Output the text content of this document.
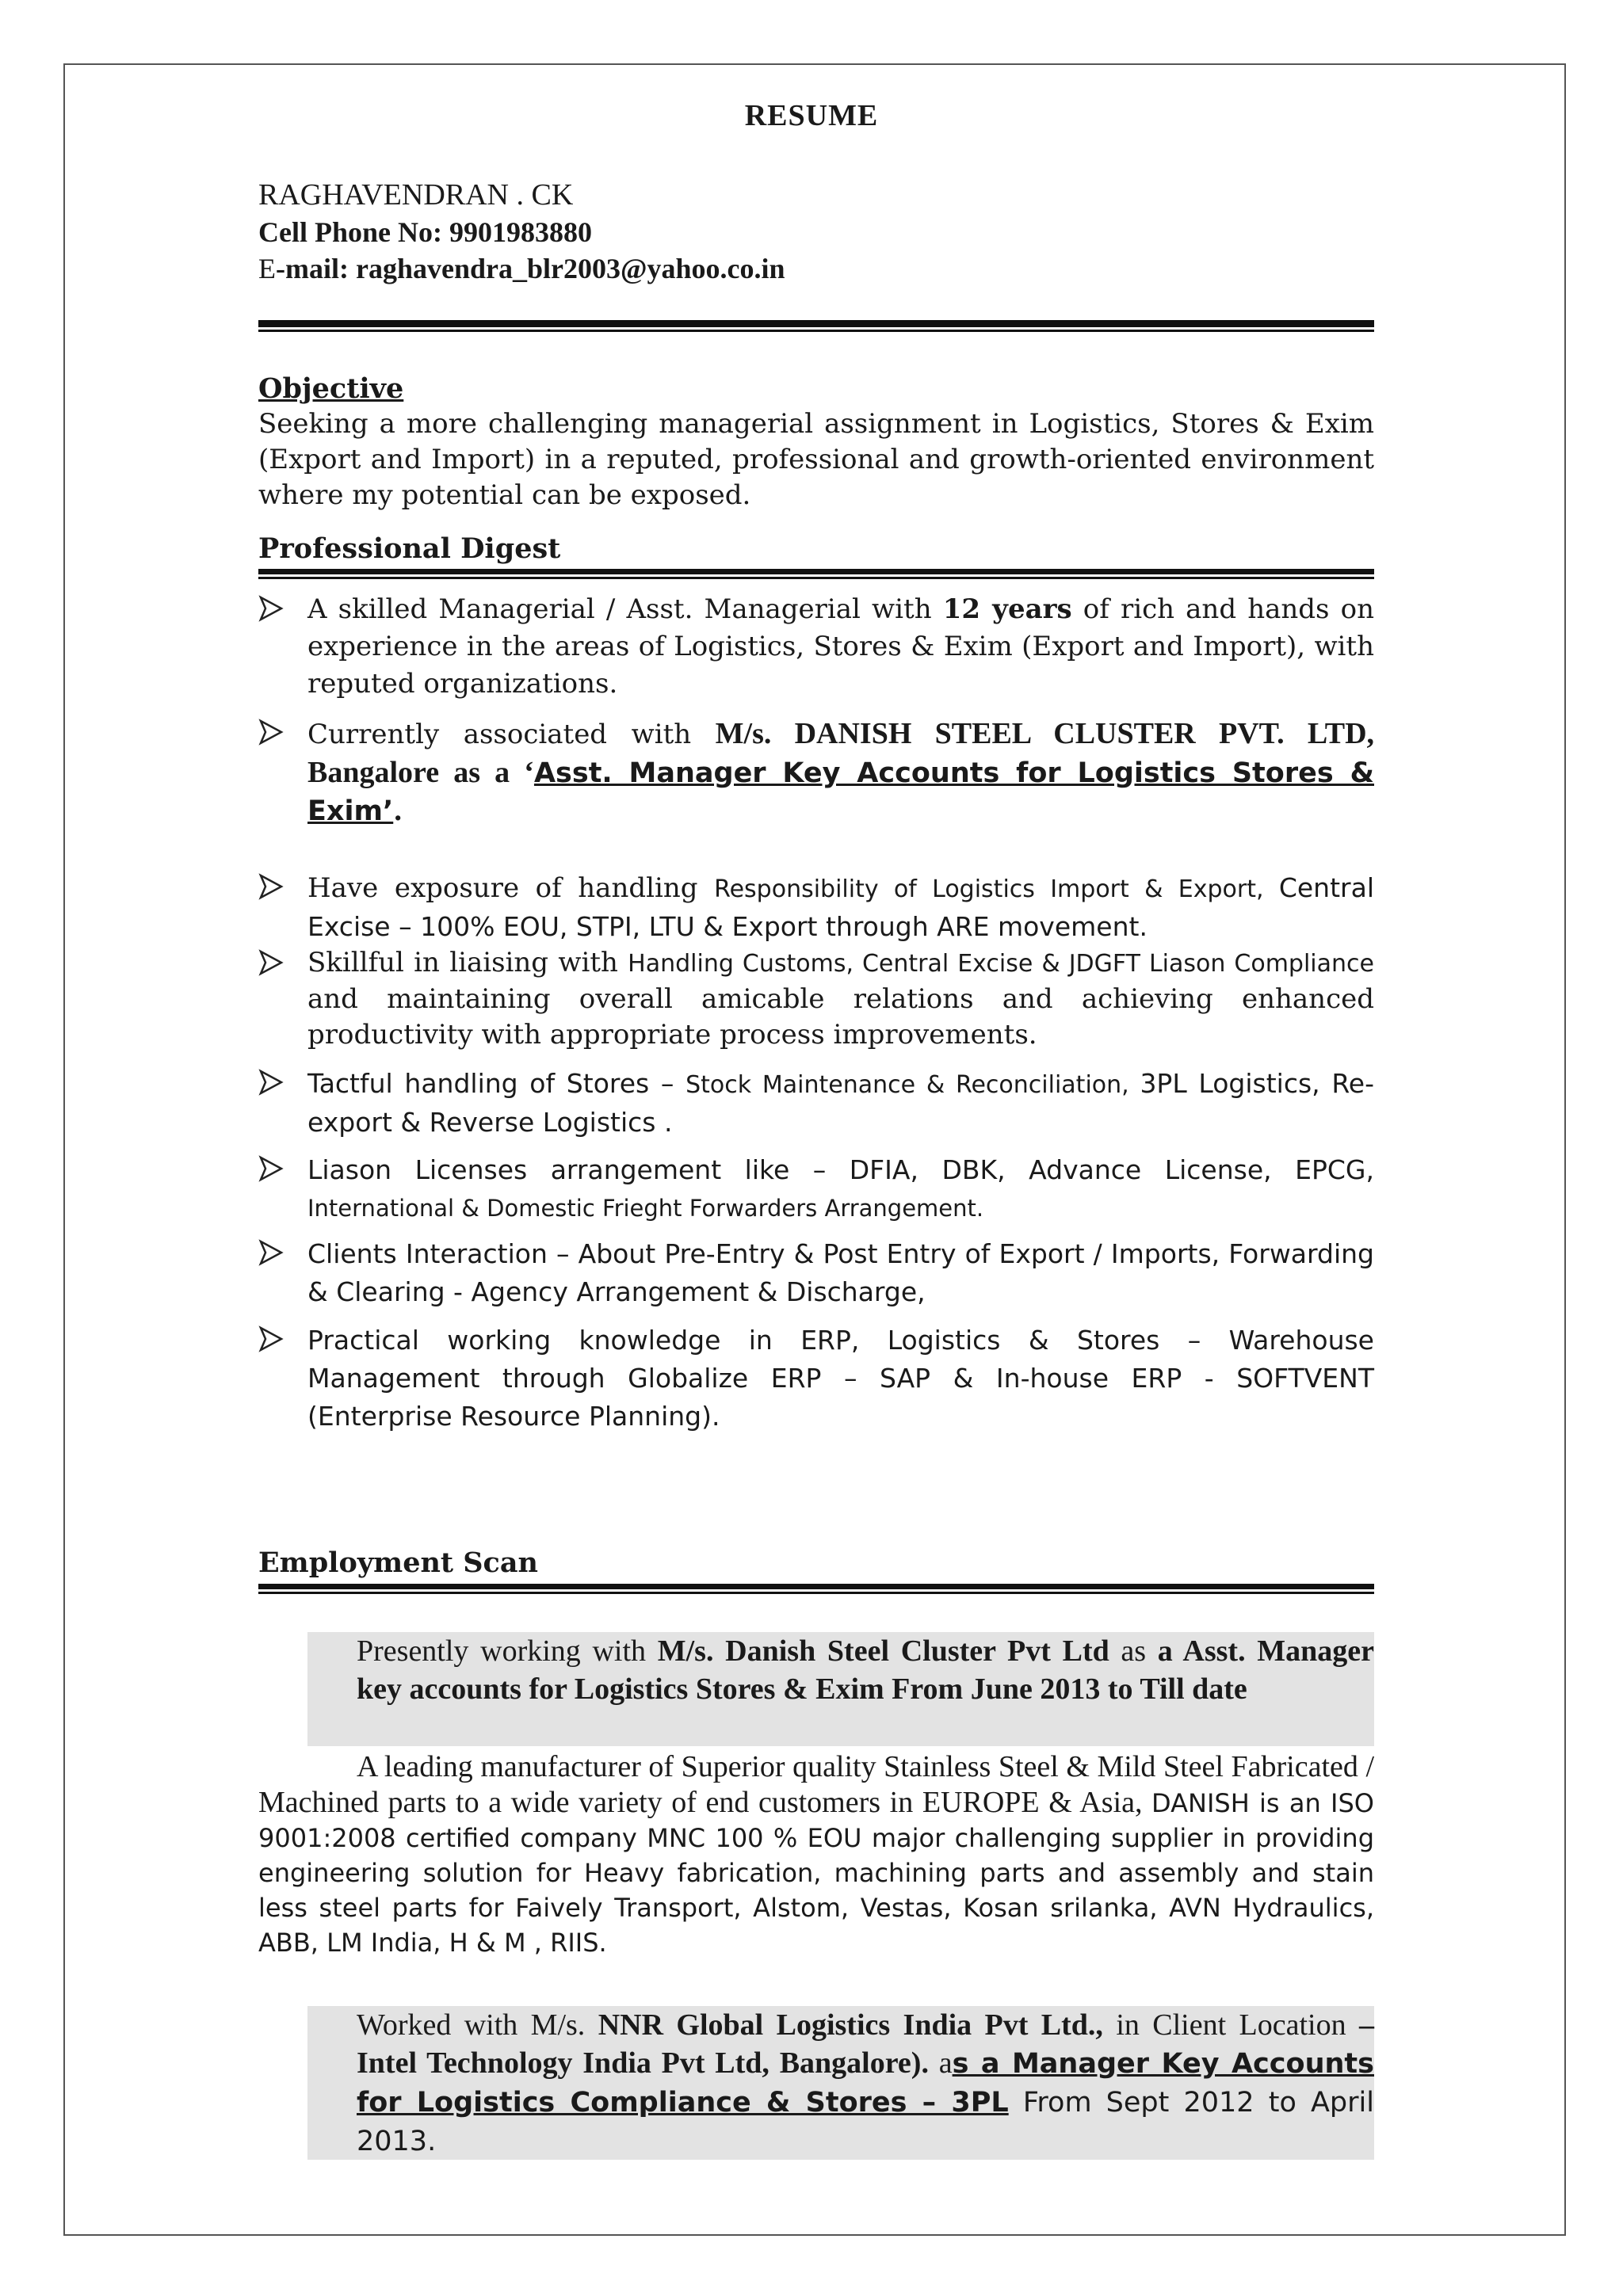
RESUME
RAGHAVENDRAN . CK
Cell Phone No: 9901983880
E-mail: raghavendra_blr2003@yahoo.co.in
Objective
Seeking a more challenging managerial assignment in Logistics, Stores & Exim (Export and Import) in a reputed, professional and growth-oriented environment where my potential can be exposed.
Professional Digest
A skilled Managerial / Asst. Managerial with 12 years of rich and hands on experience in the areas of Logistics, Stores & Exim (Export and Import), with reputed organizations.
Currently associated with M/s. DANISH STEEL CLUSTER PVT. LTD, Bangalore as a ‘Asst. Manager Key Accounts for Logistics Stores & Exim’.
Have exposure of handling Responsibility of Logistics Import & Export, Central Excise – 100% EOU, STPI, LTU & Export through ARE movement.
Skillful in liaising with Handling Customs, Central Excise & JDGFT Liason Compliance and maintaining overall amicable relations and achieving enhanced productivity with appropriate process improvements.
Tactful handling of Stores – Stock Maintenance & Reconciliation, 3PL Logistics, Re-export & Reverse Logistics .
Liason Licenses arrangement like – DFIA, DBK, Advance License, EPCG, International & Domestic Frieght Forwarders Arrangement.
Clients Interaction – About Pre-Entry & Post Entry of Export / Imports, Forwarding & Clearing - Agency Arrangement & Discharge,
Practical working knowledge in ERP, Logistics & Stores – Warehouse Management through Globalize ERP – SAP & In-house ERP - SOFTVENT (Enterprise Resource Planning).
Employment Scan
Presently working with M/s. Danish Steel Cluster Pvt Ltd as a Asst. Manager key accounts for Logistics Stores & Exim From June 2013 to Till date
A leading manufacturer of Superior quality Stainless Steel & Mild Steel Fabricated / Machined parts to a wide variety of end customers in EUROPE & Asia, DANISH is an ISO 9001:2008 certified company MNC 100 % EOU major challenging supplier in providing engineering solution for Heavy fabrication, machining parts and assembly and stain less steel parts for Faively Transport, Alstom, Vestas, Kosan srilanka, AVN Hydraulics, ABB, LM India, H & M , RIIS.
Worked with M/s. NNR Global Logistics India Pvt Ltd., in Client Location – Intel Technology India Pvt Ltd, Bangalore). as a Manager Key Accounts for Logistics Compliance & Stores – 3PL From Sept 2012 to April 2013.
